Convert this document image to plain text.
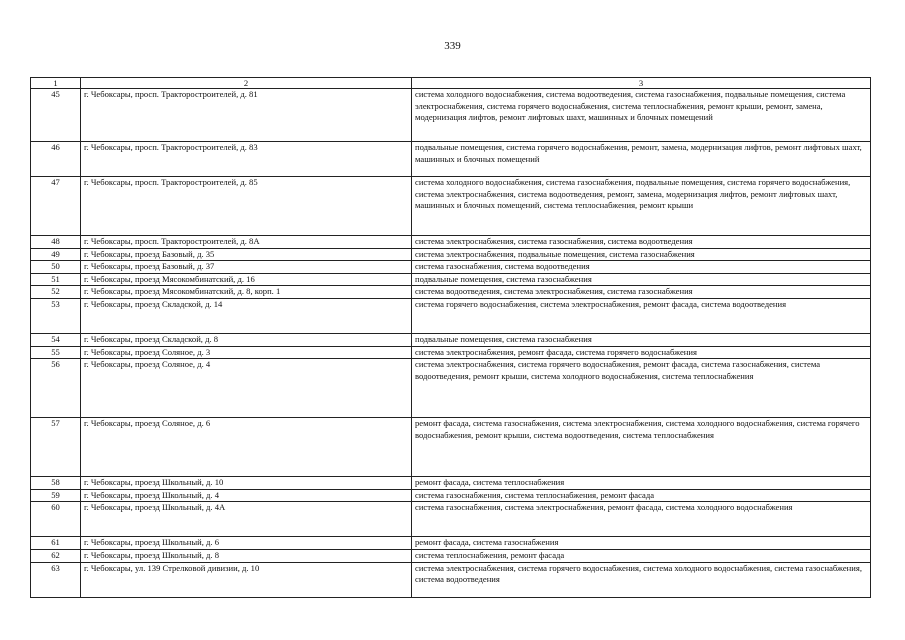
339
1	2	3
45	г. Чебоксары, просп. Тракторостроителей, д. 81	система холодного водоснабжения, система водоотведения, система газоснабжения, подвальные помещения, система электроснабжения, система горячего водоснабжения, система теплоснабжения, ремонт крыши, ремонт, замена, модернизация лифтов, ремонт лифтовых шахт, машинных и блочных помещений
46	г. Чебоксары, просп. Тракторостроителей, д. 83	подвальные помещения, система горячего водоснабжения, ремонт, замена, модернизация лифтов, ремонт лифтовых шахт, машинных и блочных помещений
47	г. Чебоксары, просп. Тракторостроителей, д. 85	система холодного водоснабжения, система газоснабжения, подвальные помещения, система горячего водоснабжения, система электроснабжения, система водоотведения, ремонт, замена, модернизация лифтов, ремонт лифтовых шахт, машинных и блочных помещений, система теплоснабжения, ремонт крыши
48	г. Чебоксары, просп. Тракторостроителей, д. 8А	система электроснабжения, система газоснабжения, система водоотведения
49	г. Чебоксары, проезд Базовый, д. 35	система электроснабжения, подвальные помещения, система газоснабжения
50	г. Чебоксары, проезд Базовый, д. 37	система газоснабжения, система водоотведения
51	г. Чебоксары, проезд Мясокомбинатский, д. 16	подвальные помещения, система газоснабжения
52	г. Чебоксары, проезд Мясокомбинатский, д. 8, корп. 1	система водоотведения, система электроснабжения, система газоснабжения
53	г. Чебоксары, проезд Складской, д. 14	система горячего водоснабжения, система электроснабжения, ремонт фасада, система водоотведения
54	г. Чебоксары, проезд Складской, д. 8	подвальные помещения, система газоснабжения
55	г. Чебоксары, проезд Соляное, д. 3	система электроснабжения, ремонт фасада, система горячего водоснабжения
56	г. Чебоксары, проезд Соляное, д. 4	система электроснабжения, система горячего водоснабжения, ремонт фасада, система газоснабжения, система водоотведения, ремонт крыши, система холодного водоснабжения, система теплоснабжения
57	г. Чебоксары, проезд Соляное, д. 6	ремонт фасада, система газоснабжения, система электроснабжения, система холодного водоснабжения, система горячего водоснабжения, ремонт крыши, система водоотведения, система теплоснабжения
58	г. Чебоксары, проезд Школьный, д. 10	ремонт фасада, система теплоснабжения
59	г. Чебоксары, проезд Школьный, д. 4	система газоснабжения, система теплоснабжения, ремонт фасада
60	г. Чебоксары, проезд Школьный, д. 4А	система газоснабжения, система электроснабжения, ремонт фасада, система холодного водоснабжения
61	г. Чебоксары, проезд Школьный, д. 6	ремонт фасада, система газоснабжения
62	г. Чебоксары, проезд Школьный, д. 8	система теплоснабжения, ремонт фасада
63	г. Чебоксары, ул. 139 Стрелковой дивизии, д. 10	система электроснабжения, система горячего водоснабжения, система холодного водоснабжения, система газоснабжения, система водоотведения
